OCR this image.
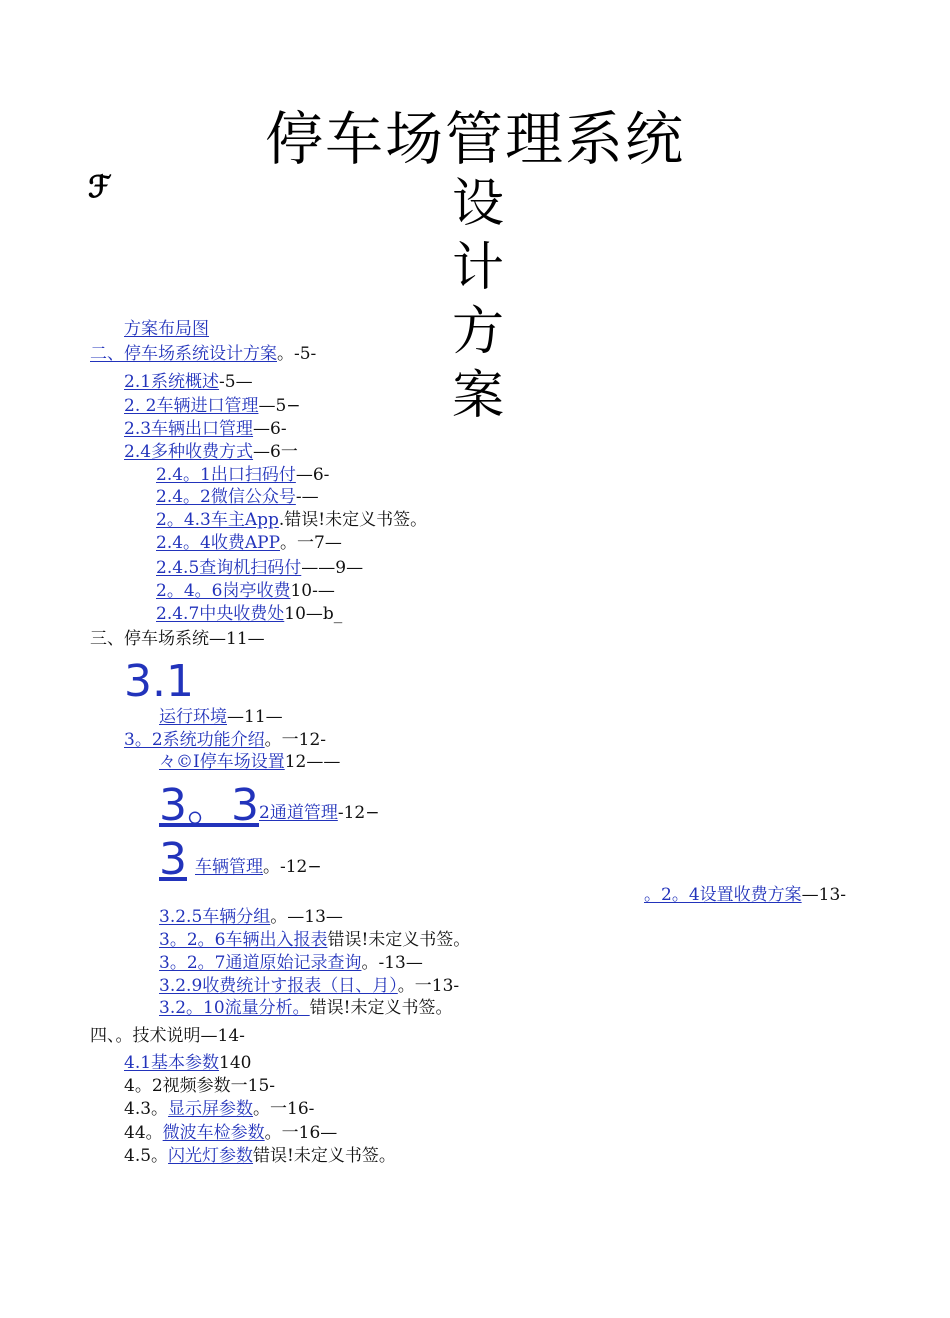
停车场管理系统
设
计
方
案
ℱ
方案布局图
二、停车场系统设计方案。-5-
2.1系统概述-5—
2. 2车辆进口管理—5−
2.3车辆出口管理—6-
2.4多种收费方式—6一
2.4。1出口扫码付—6-
2.4。2微信公众号-—
2。4.3车主App.错误!未定义书签。
2.4。4收费APP。一7—
2.4.5查询机扫码付——9—
2。4。6岗亭收费10-—
2.4.7中央收费处10—b_
三、停车场系统—11—
3.1
运行环境—11—
3。2系统功能介绍。一12-
々©I停车场设置12——
3。3 2通道管理-12−
3 车辆管理。-12−
。2。4设置收费方案—13-
3.2.5车辆分组。—13—
3。2。6车辆出入报表错误!未定义书签。
3。2。7通道原始记录查询。-13—
3.2.9收费统计す报表（日、月）。一13-
3.2。10流量分析。错误!未定义书签。
四、。技术说明—14-
4.1基本参数140
4。2视频参数一15-
4.3。显示屏参数。一16-
44。微波车检参数。一16—
4.5。闪光灯参数错误!未定义书签。
